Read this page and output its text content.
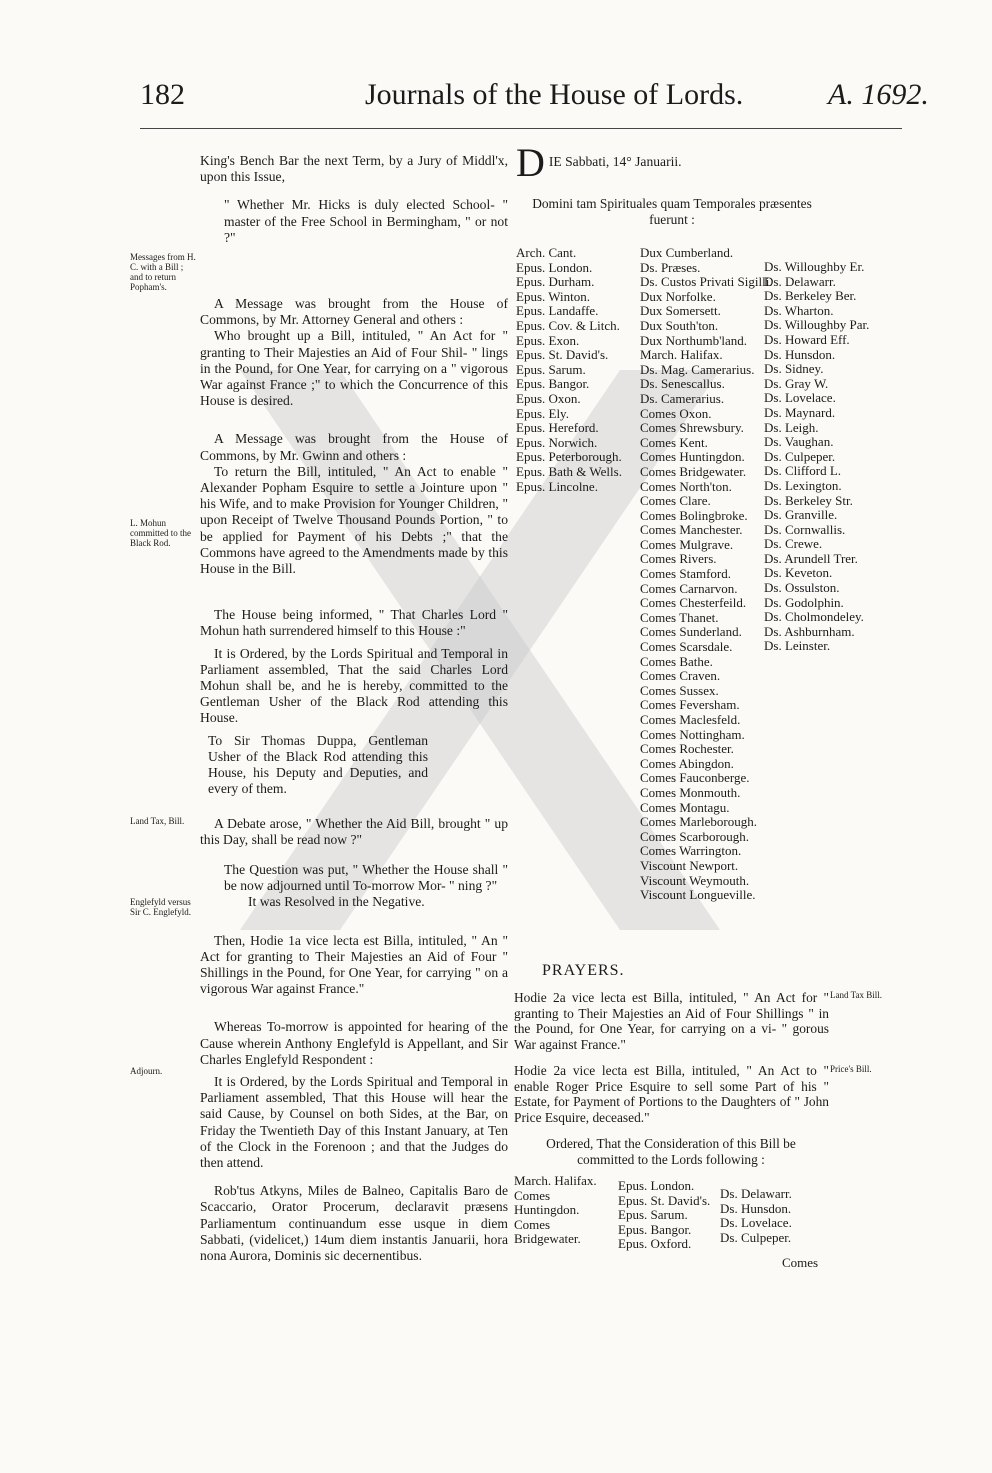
182	Journals of the House of Lords.	A. 1692.
Messages from H. C. with a Bill ; and to return Popham's.
L. Mohun committed to the Black Rod.
Land Tax, Bill.
Englefyld versus Sir C. Englefyld.
Adjourn.

King's Bench Bar the next Term, by a Jury of Middl'x, upon this Issue,

" Whether Mr. Hicks is duly elected School- " master of the Free School in Bermingham, " or not ?"

A Message was brought from the House of Commons, by Mr. Attorney General and others :

Who brought up a Bill, intituled, " An Act for " granting to Their Majesties an Aid of Four Shil- " lings in the Pound, for One Year, for carrying on a " vigorous War against France ;" to which the Concurrence of this House is desired.

A Message was brought from the House of Commons, by Mr. Gwinn and others :

To return the Bill, intituled, " An Act to enable " Alexander Popham Esquire to settle a Jointure upon " his Wife, and to make Provision for Younger Children, " upon Receipt of Twelve Thousand Pounds Portion, " to be applied for Payment of his Debts ;" that the Commons have agreed to the Amendments made by this House in the Bill.

The House being informed, " That Charles Lord " Mohun hath surrendered himself to this House :"

It is Ordered, by the Lords Spiritual and Temporal in Parliament assembled, That the said Charles Lord Mohun shall be, and he is hereby, committed to the Gentleman Usher of the Black Rod attending this House.

To Sir Thomas Duppa, Gentleman Usher of the Black Rod attending this House, his Deputy and Deputies, and every of them.

A Debate arose, " Whether the Aid Bill, brought " up this Day, shall be read now ?"

The Question was put, " Whether the House shall " be now adjourned until To-morrow Mor- " ning ?"

It was Resolved in the Negative.

Then, Hodie 1a vice lecta est Billa, intituled, " An " Act for granting to Their Majesties an Aid of Four " Shillings in the Pound, for One Year, for carrying " on a vigorous War against France."

Whereas To-morrow is appointed for hearing of the Cause wherein Anthony Englefyld is Appellant, and Sir Charles Englefyld Respondent :

It is Ordered, by the Lords Spiritual and Temporal in Parliament assembled, That this House will hear the said Cause, by Counsel on both Sides, at the Bar, on Friday the Twentieth Day of this Instant January, at Ten of the Clock in the Forenoon ; and that the Judges do then attend.

Rob'tus Atkyns, Miles de Balneo, Capitalis Baro de Scaccario, Orator Procerum, declaravit præsens Parliamentum continuandum esse usque in diem Sabbati, (videlicet,) 14um diem instantis Januarii, hora nona Aurora, Dominis sic decernentibus.

D IE Sabbati, 14° Januarii.
Domini tam Spirituales quam Temporales præsentes fuerunt :
Arch. Cant.
Epus. London.
Epus. Durham.
Epus. Winton.
Epus. Landaffe.
Epus. Cov. & Litch.
Epus. Exon.
Epus. St. David's.
Epus. Sarum.
Epus. Bangor.
Epus. Oxon.
Epus. Ely.
Epus. Hereford.
Epus. Norwich.
Epus. Peterborough.
Epus. Bath & Wells.
Epus. Lincolne.
Dux Cumberland.
Ds. Præses.
Ds. Custos Privati Sigilli.
Dux Norfolke.
Dux Somersett.
Dux South'ton.
Dux Northumb'land.
March. Halifax.
Ds. Mag. Camerarius.
Ds. Senescallus.
Ds. Camerarius.
Comes Oxon.
Comes Shrewsbury.
Comes Kent.
Comes Huntingdon.
Comes Bridgewater.
Comes North'ton.
Comes Clare.
Comes Bolingbroke.
Comes Manchester.
Comes Mulgrave.
Comes Rivers.
Comes Stamford.
Comes Carnarvon.
Comes Chesterfeild.
Comes Thanet.
Comes Sunderland.
Comes Scarsdale.
Comes Bathe.
Comes Craven.
Comes Sussex.
Comes Feversham.
Comes Maclesfeld.
Comes Nottingham.
Comes Rochester.
Comes Abingdon.
Comes Fauconberge.
Comes Monmouth.
Comes Montagu.
Comes Marleborough.
Comes Scarborough.
Comes Warrington.
Viscount Newport.
Viscount Weymouth.
Viscount Longueville.
Ds. Willoughby Er.
Ds. Delawarr.
Ds. Berkeley Ber.
Ds. Wharton.
Ds. Willoughby Par.
Ds. Howard Eff.
Ds. Hunsdon.
Ds. Sidney.
Ds. Gray W.
Ds. Lovelace.
Ds. Maynard.
Ds. Leigh.
Ds. Vaughan.
Ds. Culpeper.
Ds. Clifford L.
Ds. Lexington.
Ds. Berkeley Str.
Ds. Granville.
Ds. Cornwallis.
Ds. Crewe.
Ds. Arundell Trer.
Ds. Keveton.
Ds. Ossulston.
Ds. Godolphin.
Ds. Cholmondeley.
Ds. Ashburnham.
Ds. Leinster.
PRAYERS.
Hodie 2a vice lecta est Billa, intituled, " An Act for " granting to Their Majesties an Aid of Four Shillings " in the Pound, for One Year, for carrying on a vi- " gorous War against France."
Land Tax Bill.
Hodie 2a vice lecta est Billa, intituled, " An Act to " enable Roger Price Esquire to sell some Part of his " Estate, for Payment of Portions to the Daughters of " John Price Esquire, deceased."
Price's Bill.
Ordered, That the Consideration of this Bill be committed to the Lords following :
March. Halifax.
Comes Huntingdon.
Comes Bridgewater.
Epus. London.
Epus. St. David's.
Epus. Sarum.
Epus. Bangor.
Epus. Oxford.
Ds. Delawarr.
Ds. Hunsdon.
Ds. Lovelace.
Ds. Culpeper.
Comes
